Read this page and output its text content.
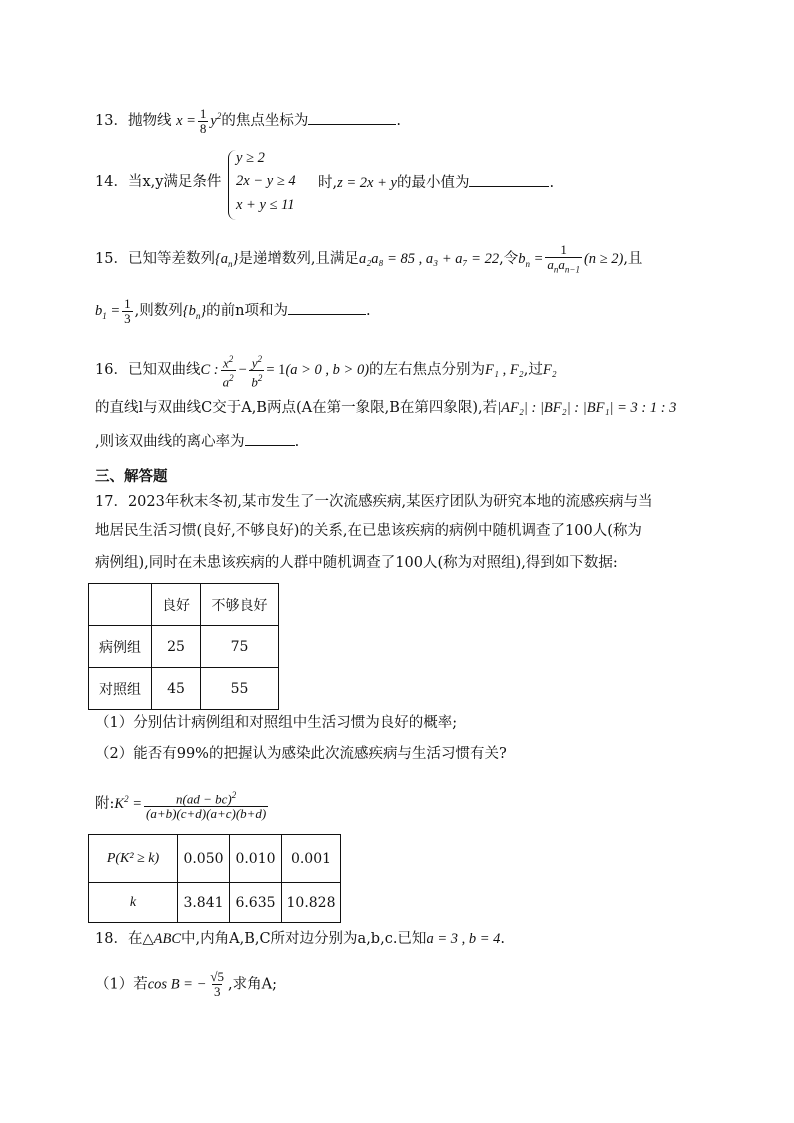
13．抛物线 $x = \frac{1}{8} y^2$的焦点坐标为	.
14．当x,y满足条件
y ≥ 2
2x − y ≥ 4
x + y ≤ 11
时,z = 2x + y的最小值为	.
15．已知等差数列$\{a_n\}$是递增数列,且满足a₂a₈ = 85 , a₃ + a₇ = 22,令$b_n = \frac{1}{a_na_{n-1}} (n \ge 2)$,且
$b_1 = \frac{1}{3}$ ,则数列$\{b_n\}$的前n项和为	.
16．已知双曲线C : $\frac{x^2}{a^2} - \frac{y^2}{b^2} = 1(a > 0$ , b > 0)的左右焦点分别为F₁ , F₂,过F₂
的直线l与双曲线C交于A,B两点(A在第一象限,B在第四象限),若|AF₂| : |BF₂| : |BF₁| = 3 : 1 : 3
,则该双曲线的离心率为	.
三、解答题
17．2023年秋末冬初,某市发生了一次流感疾病,某医疗团队为研究本地的流感疾病与当
地居民生活习惯(良好,不够良好)的关系,在已患该疾病的病例中随机调查了100人(称为
病例组),同时在未患该疾病的人群中随机调查了100人(称为对照组),得到如下数据:
	良好	不够良好
病例组	25	75
对照组	45	55
（1）分别估计病例组和对照组中生活习惯为良好的概率;
（2）能否有99%的把握认为感染此次流感疾病与生活习惯有关?
附$:K^2 = \frac{n(ad - bc)^2}{(a+b)(c+d)(a+c)(b+d)}$
P(K² ≥ k)	0.050	0.010	0.001
k	3.841	6.635	10.828
18．在△ABC中,内角A,B,C所对边分别为a,b,c.已知a = 3 , b = 4.
（1）若cos B = − $\frac{√5}{3}$ ,求角A;
